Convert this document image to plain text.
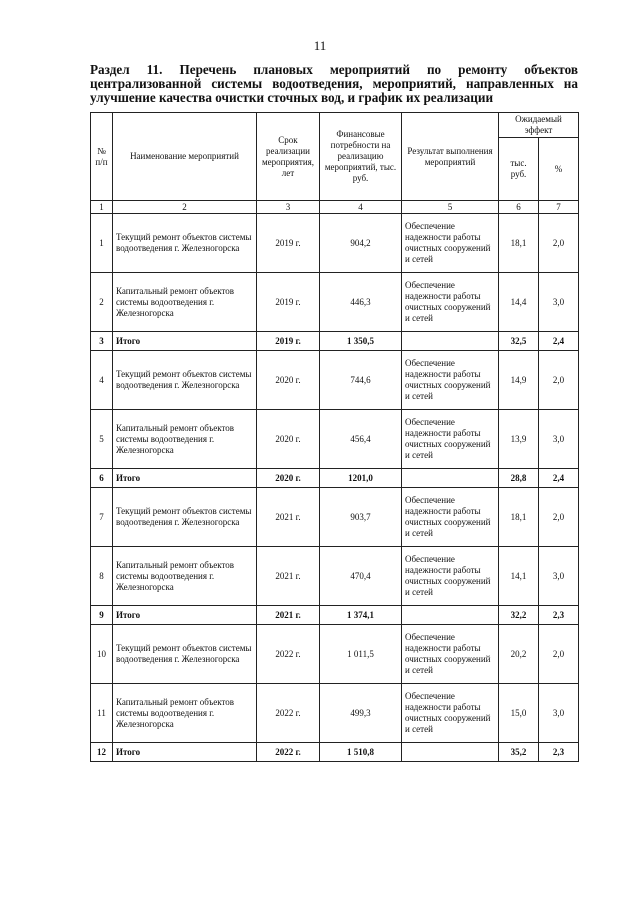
11
Раздел 11. Перечень плановых мероприятий по ремонту объектов централизованной системы водоотведения, мероприятий, направленных на улучшение качества очистки сточных вод, и график их реализации
№ п/п	Наименование мероприятий	Срок реализации мероприятия, лет	Финансовые потребности на реализацию мероприятий, тыс. руб.	Результат выполнения мероприятий	Ожидаемый эффект	
					тыс. руб.	%
1	2	3	4	5	6	7
1	Текущий ремонт объектов системы водоотведения г. Железногорска	2019 г.	904,2	Обеспечение надежности работы очистных сооружений и сетей	18,1	2,0
2	Капитальный ремонт объектов системы водоотведения г. Железногорска	2019 г.	446,3	Обеспечение надежности работы очистных сооружений и сетей	14,4	3,0
3	Итого	2019 г.	1 350,5		32,5	2,4
4	Текущий ремонт объектов системы водоотведения г. Железногорска	2020 г.	744,6	Обеспечение надежности работы очистных сооружений и сетей	14,9	2,0
5	Капитальный ремонт объектов системы водоотведения г. Железногорска	2020 г.	456,4	Обеспечение надежности работы очистных сооружений и сетей	13,9	3,0
6	Итого	2020 г.	1201,0		28,8	2,4
7	Текущий ремонт объектов системы водоотведения г. Железногорска	2021 г.	903,7	Обеспечение надежности работы очистных сооружений и сетей	18,1	2,0
8	Капитальный ремонт объектов системы водоотведения г. Железногорска	2021 г.	470,4	Обеспечение надежности работы очистных сооружений и сетей	14,1	3,0
9	Итого	2021 г.	1 374,1		32,2	2,3
10	Текущий ремонт объектов системы водоотведения г. Железногорска	2022 г.	1 011,5	Обеспечение надежности работы очистных сооружений и сетей	20,2	2,0
11	Капитальный ремонт объектов системы водоотведения г. Железногорска	2022 г.	499,3	Обеспечение надежности работы очистных сооружений и сетей	15,0	3,0
12	Итого	2022 г.	1 510,8		35,2	2,3
